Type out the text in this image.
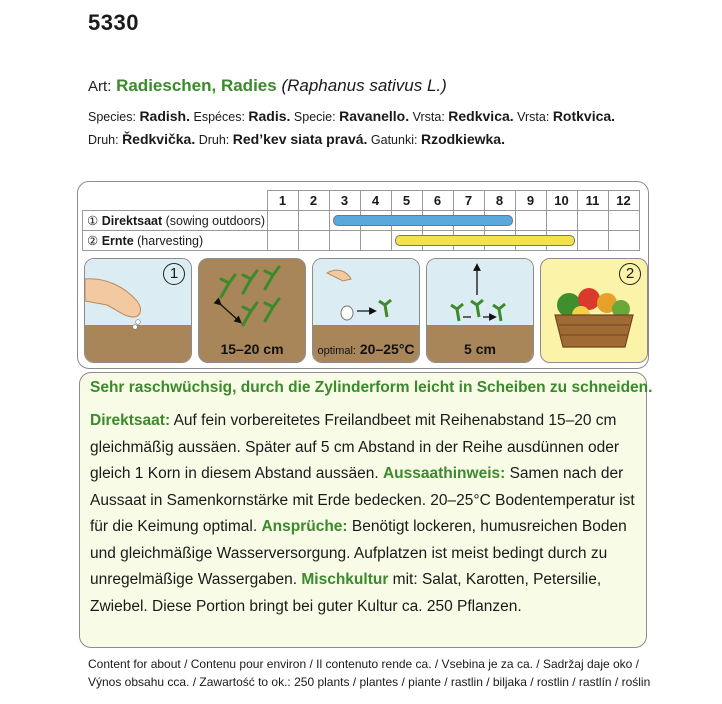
5330
Art: Radieschen, Radies (Raphanus sativus L.)
Species: Radish. Espéces: Radis. Specie: Ravanello. Vrsta: Redkvica. Vrsta: Rotkvica.
Druh: Ředkvička. Druh: Red’kev siata pravá. Gatunki: Rzodkiewka.
	1	2	3	4	5	6	7	8	9	10	11	12
① Direktsaat (sowing outdoors)												
② Ernte (harvesting)												
1
15–20 cm	optimal: 20–25°C	5 cm
2
Sehr raschwüchsig, durch die Zylinderform leicht in Scheiben zu schneiden.
Direktsaat: Auf fein vorbereitetes Freilandbeet mit Reihenabstand 15–20 cm gleichmäßig aussäen. Später auf 5 cm Abstand in der Reihe ausdünnen oder gleich 1 Korn in diesem Abstand aussäen. Aussaathinweis: Samen nach der Aussaat in Samenkornstärke mit Erde bedecken. 20–25°C Bodentemperatur ist für die Keimung optimal. Ansprüche: Benötigt lockeren, humusreichen Boden und gleichmäßige Wasserversorgung. Aufplatzen ist meist bedingt durch zu unregelmäßige Wassergaben. Mischkultur mit: Salat, Karotten, Petersilie, Zwiebel. Diese Portion bringt bei guter Kultur ca. 250 Pflanzen.
Content for about / Contenu pour environ / Il contenuto rende ca. / Vsebina je za ca. / Sadržaj daje oko /
Výnos obsahu cca. / Zawartość to ok.: 250 plants / plantes / piante / rastlin / biljaka / rostlin / rastlín / roślin
